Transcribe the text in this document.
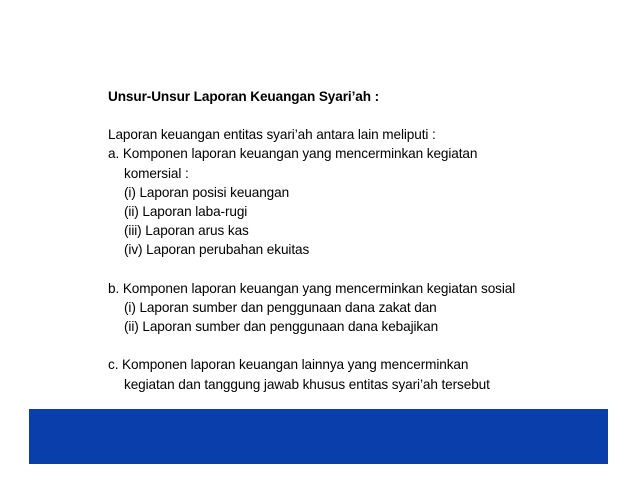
Unsur-Unsur Laporan Keuangan Syari’ah :
Laporan keuangan entitas syari’ah antara lain meliputi :
a. Komponen laporan keuangan yang mencerminkan kegiatan
komersial :
(i) Laporan posisi keuangan
(ii) Laporan laba-rugi
(iii) Laporan arus kas
(iv) Laporan perubahan ekuitas
b. Komponen laporan keuangan yang mencerminkan kegiatan sosial
(i) Laporan sumber dan penggunaan dana zakat dan
(ii) Laporan sumber dan penggunaan dana kebajikan
c. Komponen laporan keuangan lainnya yang mencerminkan
kegiatan dan tanggung jawab khusus entitas syari’ah tersebut
